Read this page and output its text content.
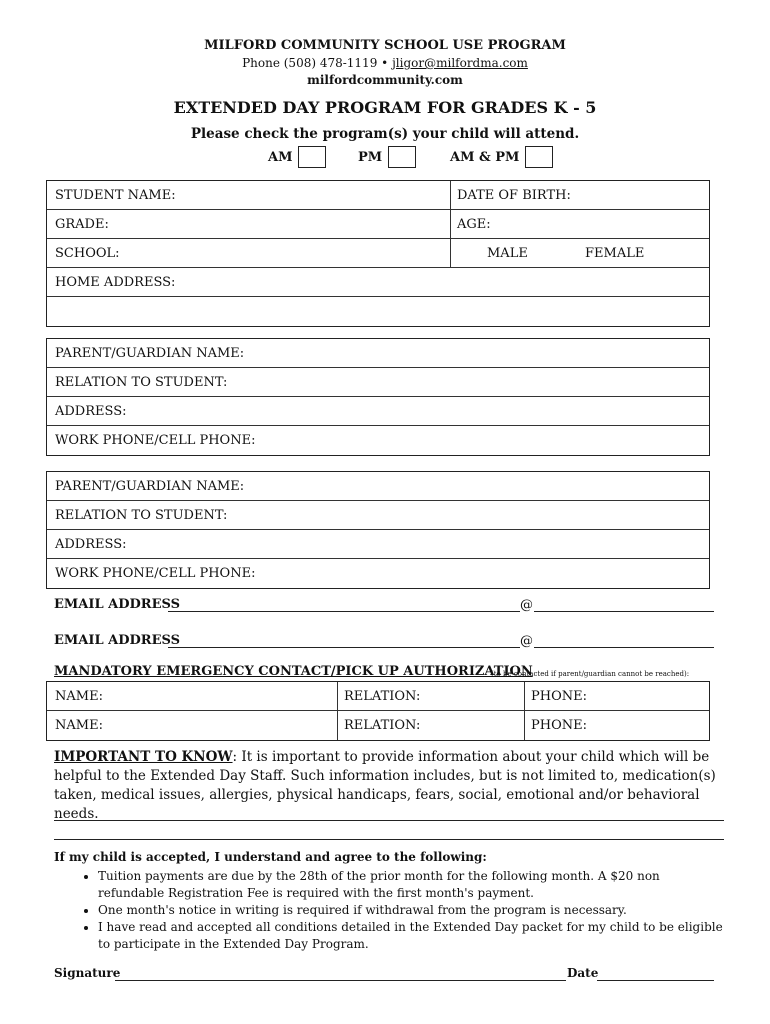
MILFORD COMMUNITY SCHOOL USE PROGRAM
Phone (508) 478-1119 • jligor@milfordma.com
milfordcommunity.com
EXTENDED DAY PROGRAM FOR GRADES K - 5
Please check the program(s) your child will attend.
AM	PM	AM & PM
STUDENT NAME:	DATE OF BIRTH:
GRADE:	AGE:
SCHOOL:	MALE	FEMALE
HOME ADDRESS:
PARENT/GUARDIAN NAME:
RELATION TO STUDENT:
ADDRESS:
WORK PHONE/CELL PHONE:
PARENT/GUARDIAN NAME:
RELATION TO STUDENT:
ADDRESS:
WORK PHONE/CELL PHONE:
EMAIL ADDRESS	@
EMAIL ADDRESS	@
MANDATORY EMERGENCY CONTACT/PICK UP AUTHORIZATION
(to be contacted if parent/guardian cannot be reached):
NAME:	RELATION:	PHONE:
NAME:	RELATION:	PHONE:
IMPORTANT TO KNOW: It is important to provide information about your child which will be helpful to the Extended Day Staff. Such information includes, but is not limited to, medication(s) taken, medical issues, allergies, physical handicaps, fears, social, emotional and/or behavioral needs.
If my child is accepted, I understand and agree to the following:
• Tuition payments are due by the 28th of the prior month for the following month. A $20 non refundable Registration Fee is required with the first month's payment.
• One month's notice in writing is required if withdrawal from the program is necessary.
• I have read and accepted all conditions detailed in the Extended Day packet for my child to be eligible to participate in the Extended Day Program.
Signature	Date
